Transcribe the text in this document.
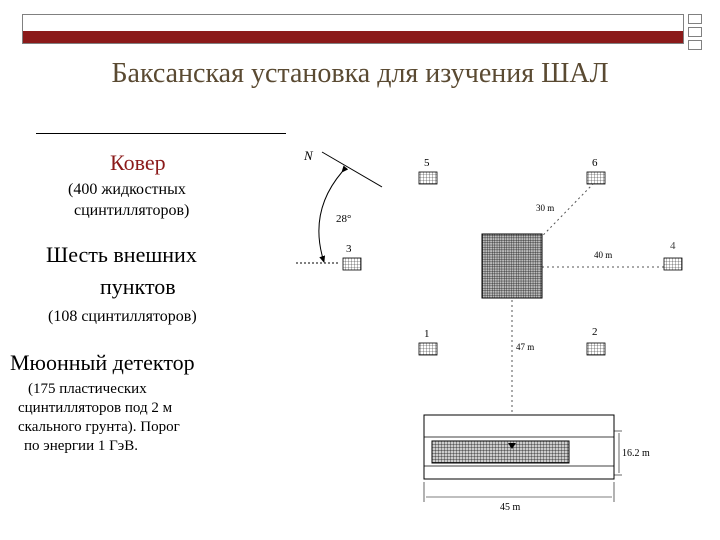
Баксанская установка для изучения ШАЛ
Ковер
(400 жидкостных
сцинтилляторов)
Шесть внешних
пунктов
(108 сцинтилляторов)
Мюонный детектор
(175 пластических
сцинтилляторов под 2 м
скального грунта). Порог
по энергии 1 ГэВ.
N
28°
5	6
3	4
1	2
30 m
40 m
47 m
16.2 m
45 m
